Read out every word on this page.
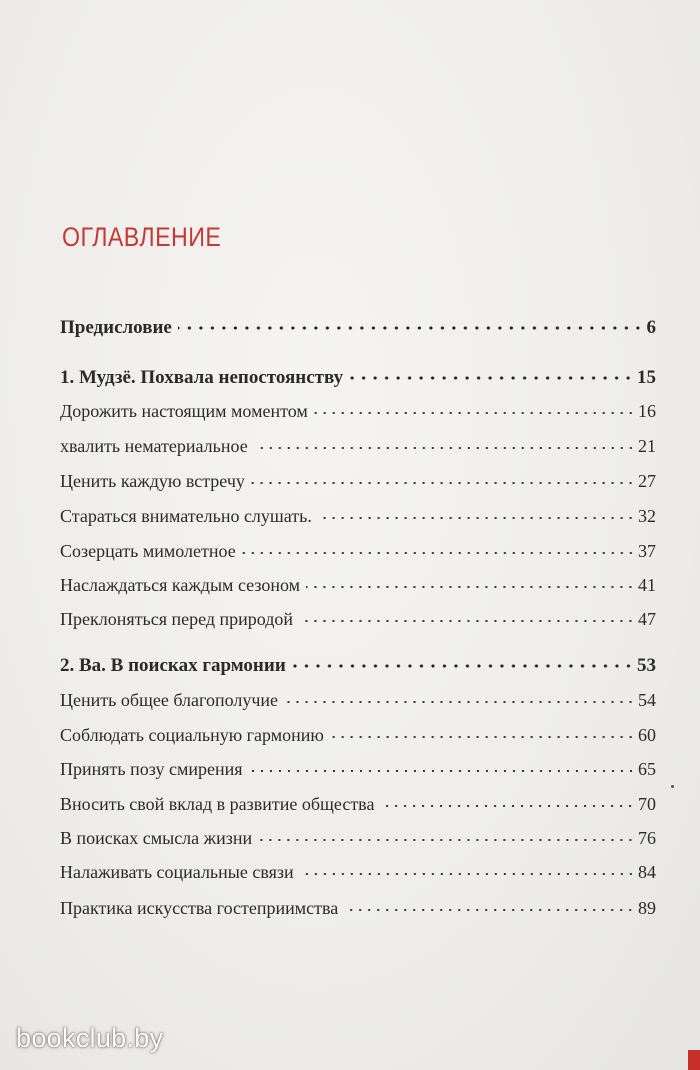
ОГЛАВЛЕНИЕ
Предисловие	6
1. Мудзё. Похвала непостоянству	15
Дорожить настоящим моментом	16
хвалить нематериальное	21
Ценить каждую встречу	27
Стараться внимательно слушать.	32
Созерцать мимолетное	37
Наслаждаться каждым сезоном	41
Преклоняться перед природой	47
2. Ва. В поисках гармонии	53
Ценить общее благополучие	54
Соблюдать социальную гармонию	60
Принять позу смирения	65
Вносить свой вклад в развитие общества	70
В поисках смысла жизни	76
Налаживать социальные связи	84
Практика искусства гостеприимства	89

bookclub.by
